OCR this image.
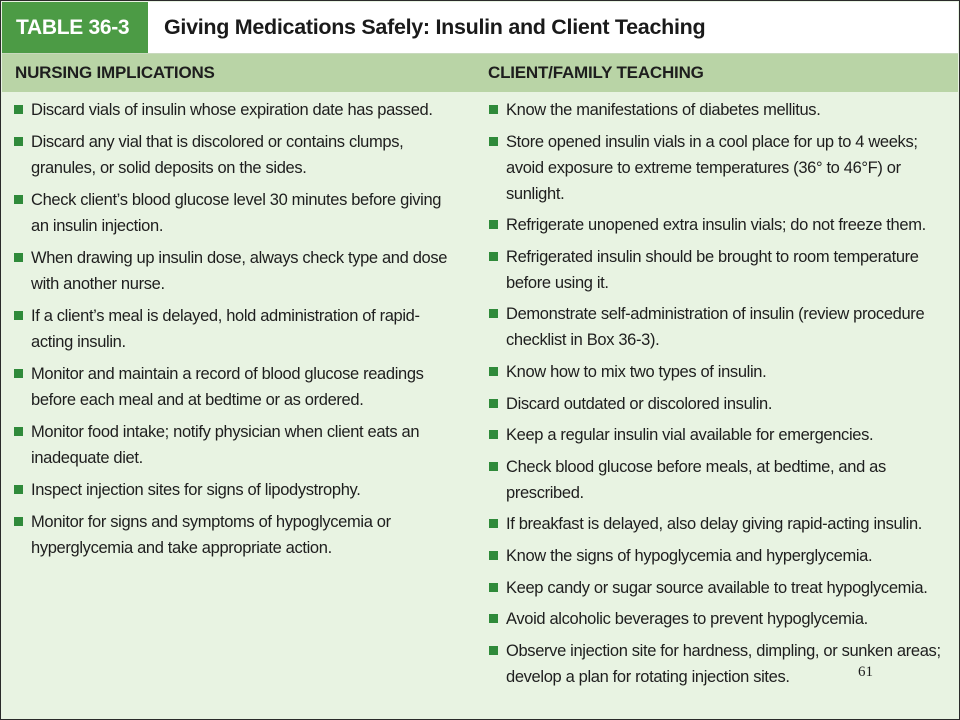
TABLE 36-3	Giving Medications Safely: Insulin and Client Teaching
NURSING IMPLICATIONS	CLIENT/FAMILY TEACHING
Discard vials of insulin whose expiration date has passed.
Discard any vial that is discolored or contains clumps, granules, or solid deposits on the sides.
Check client’s blood glucose level 30 minutes before giving an insulin injection.
When drawing up insulin dose, always check type and dose with another nurse.
If a client’s meal is delayed, hold administration of rapid-acting insulin.
Monitor and maintain a record of blood glucose readings before each meal and at bedtime or as ordered.
Monitor food intake; notify physician when client eats an inadequate diet.
Inspect injection sites for signs of lipodystrophy.
Monitor for signs and symptoms of hypoglycemia or hyperglycemia and take appropriate action.
Know the manifestations of diabetes mellitus.
Store opened insulin vials in a cool place for up to 4 weeks; avoid exposure to extreme temperatures (36° to 46°F) or sunlight.
Refrigerate unopened extra insulin vials; do not freeze them.
Refrigerated insulin should be brought to room temperature before using it.
Demonstrate self-administration of insulin (review procedure checklist in Box 36-3).
Know how to mix two types of insulin.
Discard outdated or discolored insulin.
Keep a regular insulin vial available for emergencies.
Check blood glucose before meals, at bedtime, and as prescribed.
If breakfast is delayed, also delay giving rapid-acting insulin.
Know the signs of hypoglycemia and hyperglycemia.
Keep candy or sugar source available to treat hypoglycemia.
Avoid alcoholic beverages to prevent hypoglycemia.
Observe injection site for hardness, dimpling, or sunken areas; develop a plan for rotating injection sites.	61
